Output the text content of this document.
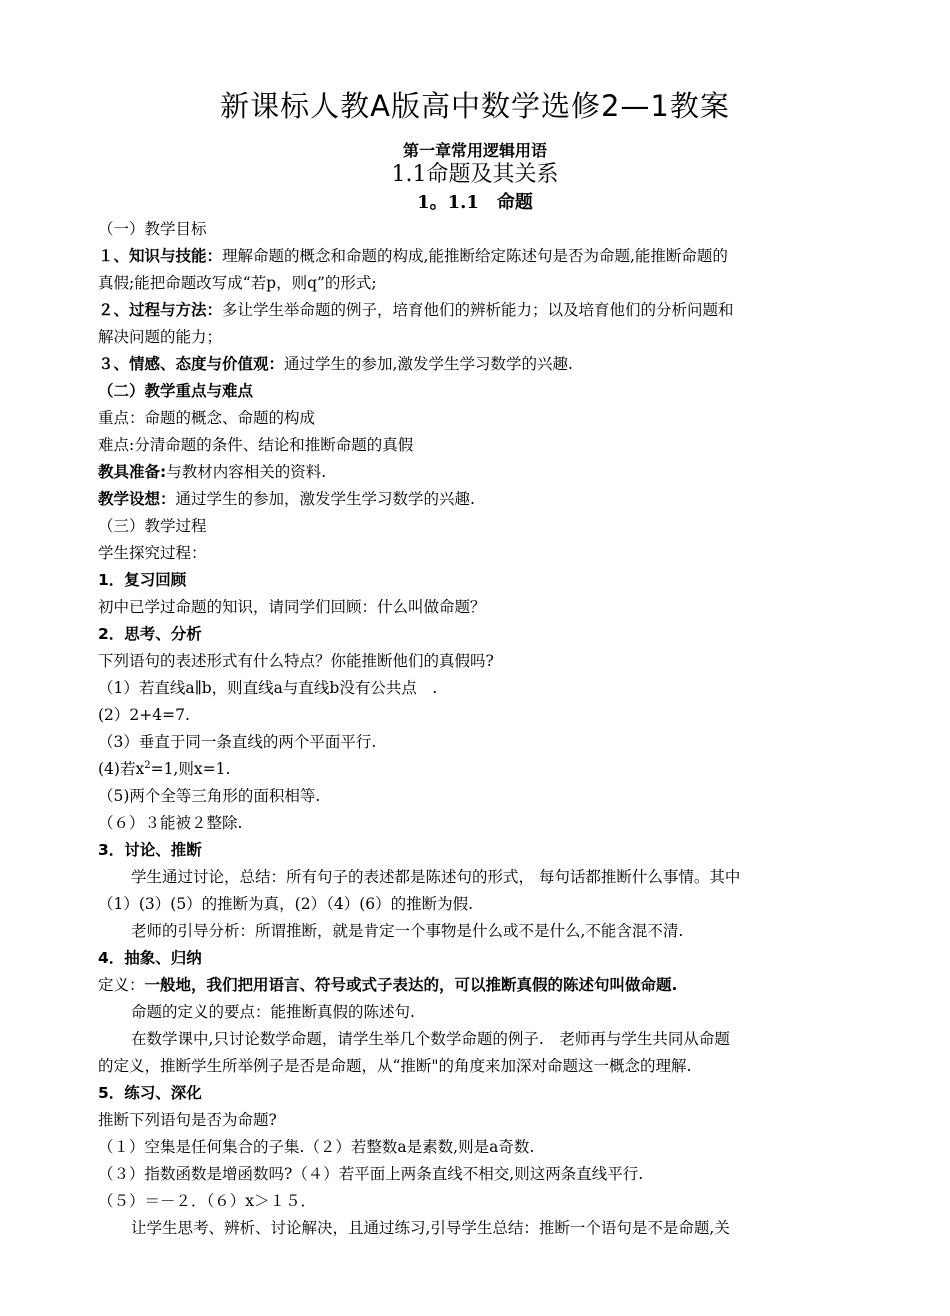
新课标人教A版高中数学选修2—1教案
第一章常用逻辑用语
1.1命题及其关系
1。1.1　命题
（一）教学目标
１、知识与技能：理解命题的概念和命题的构成,能推断给定陈述句是否为命题,能推断命题的
真假;能把命题改写成“若p，则q”的形式;
２、过程与方法：多让学生举命题的例子，培育他们的辨析能力；以及培育他们的分析问题和
解决问题的能力；
３、情感、态度与价值观：通过学生的参加,激发学生学习数学的兴趣.
（二）教学重点与难点
重点：命题的概念、命题的构成
难点:分清命题的条件、结论和推断命题的真假
教具准备:与教材内容相关的资料.
教学设想：通过学生的参加，激发学生学习数学的兴趣.
（三）教学过程
学生探究过程：
1．复习回顾
初中已学过命题的知识，请同学们回顾：什么叫做命题？
2．思考、分析
下列语句的表述形式有什么特点？你能推断他们的真假吗?
（1）若直线a∥b，则直线a与直线b没有公共点　.
(2）2+4=7.
（3）垂直于同一条直线的两个平面平行.
(4)若$x^2=1$,则x=1.
（5)两个全等三角形的面积相等.
（６）３能被２整除.
3．讨论、推断
学生通过讨论，总结：所有句子的表述都是陈述句的形式， 每句话都推断什么事情。其中
（1）(3）(5）的推断为真，(2）（4）(6）的推断为假.
老师的引导分析：所谓推断，就是肯定一个事物是什么或不是什么,不能含混不清.
4．抽象、归纳
定义：一般地，我们把用语言、符号或式子表达的，可以推断真假的陈述句叫做命题.
命题的定义的要点：能推断真假的陈述句.
在数学课中,只讨论数学命题，请学生举几个数学命题的例子.　老师再与学生共同从命题
的定义，推断学生所举例子是否是命题，从“推断"的角度来加深对命题这一概念的理解.
5．练习、深化
推断下列语句是否为命题?
（１）空集是任何集合的子集.（２）若整数a是素数,则是a奇数.
（３）指数函数是增函数吗?（４）若平面上两条直线不相交,则这两条直线平行.
（５）＝－２．（６）x＞１５．
让学生思考、辨析、讨论解决，且通过练习,引导学生总结：推断一个语句是不是命题,关
